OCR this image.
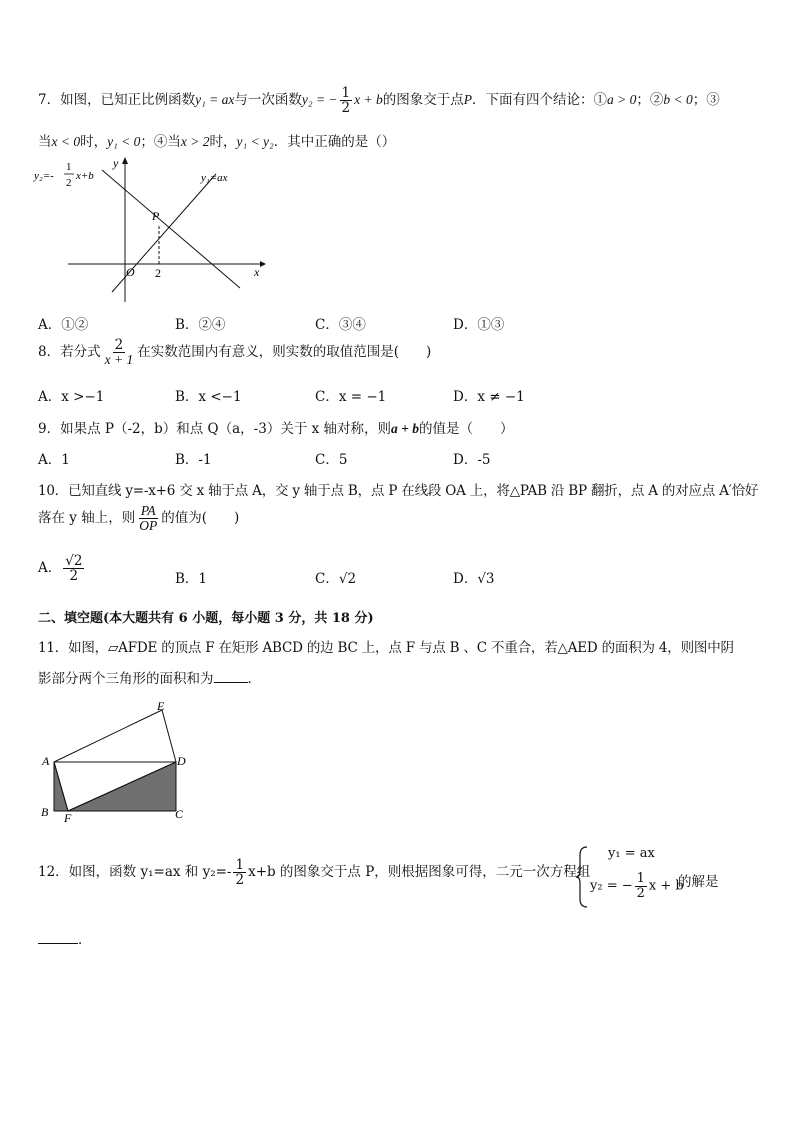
7．如图，已知正比例函数y₁ = ax与一次函数y₂ = − $\frac{1}{2}$ x + b的图象交于点P．下面有四个结论：①a > 0；②b < 0；③
当x < 0时，y₁ < 0；④当x > 2时，y₁ < y₂．其中正确的是（）
y₂=-
1
2
x+b	y₁=ax
y
x
O
P
2
A．①②	B．②④	C．③④	D．①③
8．若分式 $\frac{2}{x + 1}$ 在实数范围内有意义，则实数的取值范围是(　　)
A．x >−1	B．x <−1	C．x = −1	D．x ≠ −1
9．如果点 P（-2，b）和点 Q（a，-3）关于 x 轴对称，则a + b的值是（　　）
A．1	B．-1	C．5	D．-5
10．已知直线 y=-x+6 交 x 轴于点 A，交 y 轴于点 B，点 P 在线段 OA 上，将△PAB 沿 BP 翻折，点 A 的对应点 A′恰好
落在 y 轴上，则 $\frac{PA}{OP}$ 的值为(　　)
A． $\frac{√2}{2}$	B．1	C．√2	D．√3
二、填空题(本大题共有 6 小题，每小题 3 分，共 18 分)
11．如图，▱AFDE 的顶点 F 在矩形 ABCD 的边 BC 上，点 F 与点 B 、C 不重合，若△AED 的面积为 4，则图中阴
影部分两个三角形的面积和为	．
A
B	C
D
E
F
12．如图，函数 y₁=ax 和 $y_2=- \frac{1}{2} x+b$ 的图象交于点 P，则根据图象可得，二元一次方程组
y₁ = ax
y₂ = − $\frac{1}{2}$ x + b
的解是
．
